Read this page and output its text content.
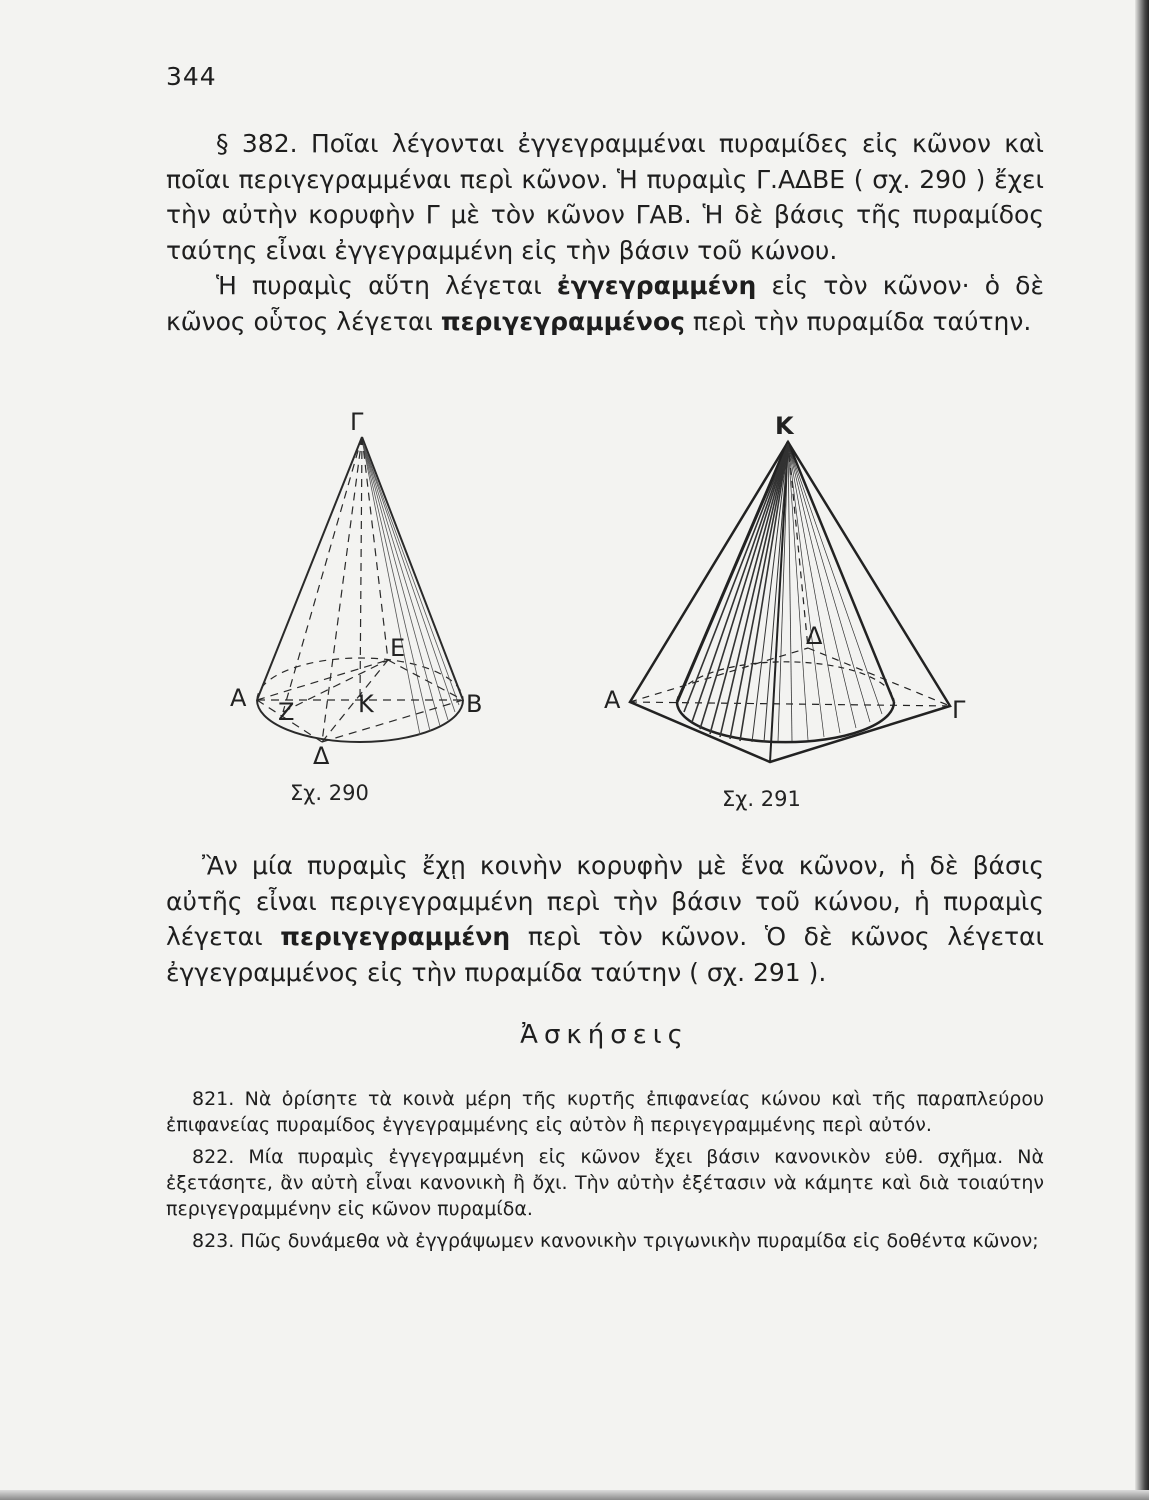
344

§ 382. Ποῖαι λέγονται ἐγγεγραμμέναι πυραμίδες εἰς κῶνον καὶ ποῖαι περιγεγραμμέναι περὶ κῶνον. Ἡ πυραμὶς Γ.ΑΔΒΕ ( σχ. 290 ) ἔχει τὴν αὐτὴν κορυφὴν Γ μὲ τὸν κῶνον ΓΑΒ. Ἡ δὲ βάσις τῆς πυραμίδος ταύτης εἶναι ἐγγεγραμμένη εἰς τὴν βάσιν τοῦ κώνου.

Ἡ πυραμὶς αὕτη λέγεται ἐγγεγραμμένη εἰς τὸν κῶνον· ὁ δὲ κῶνος οὗτος λέγεται περιγεγραμμένος περὶ τὴν πυραμίδα ταύτην.

Γ
Α	Β
Ε
Ζ	Κ
Δ
Σχ. 290
Κ
Α	Γ
Δ
Σχ. 291

Ἂν μία πυραμὶς ἔχῃ κοινὴν κορυφὴν μὲ ἕνα κῶνον, ἡ δὲ βάσις αὐτῆς εἶναι περιγεγραμμένη περὶ τὴν βάσιν τοῦ κώνου, ἡ πυραμὶς λέγεται περιγεγραμμένη περὶ τὸν κῶνον. Ὁ δὲ κῶνος λέγεται ἐγγεγραμμένος εἰς τὴν πυραμίδα ταύτην ( σχ. 291 ).

Ἀσκήσεις

821. Νὰ ὁρίσητε τὰ κοινὰ μέρη τῆς κυρτῆς ἐπιφανείας κώνου καὶ τῆς παραπλεύρου ἐπιφανείας πυραμίδος ἐγγεγραμμένης εἰς αὐτὸν ἢ περιγεγραμμένης περὶ αὐτόν.

822. Μία πυραμὶς ἐγγεγραμμένη εἰς κῶνον ἔχει βάσιν κανονικὸν εὐθ. σχῆμα. Νὰ ἐξετάσητε, ἂν αὐτὴ εἶναι κανονικὴ ἢ ὄχι. Τὴν αὐτὴν ἐξέτασιν νὰ κάμητε καὶ διὰ τοιαύτην περιγεγραμμένην εἰς κῶνον πυραμίδα.

823. Πῶς δυνάμεθα νὰ ἐγγράψωμεν κανονικὴν τριγωνικὴν πυραμίδα εἰς δοθέντα κῶνον;
